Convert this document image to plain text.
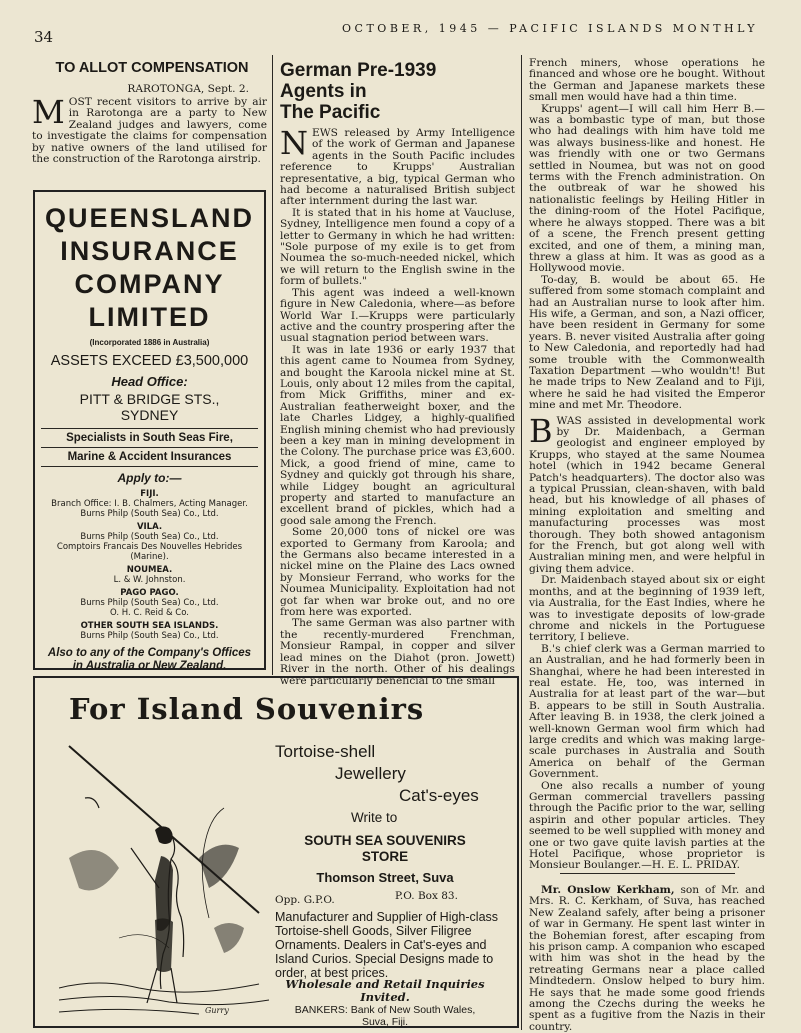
34	OCTOBER, 1945 — PACIFIC ISLANDS MONTHLY
TO ALLOT COMPENSATION
RAROTONGA, Sept. 2.
MOST recent visitors to arrive by air in Rarotonga are a party to New Zealand judges and lawyers, come to investigate the claims for compensation by native owners of the land utilised for the construction of the Rarotonga airstrip.
QUEENSLAND
INSURANCE
COMPANY
LIMITED
(Incorporated 1886 in Australia)
ASSETS EXCEED £3,500,000
Head Office:
PITT & BRIDGE STS.,
SYDNEY
Specialists in South Seas Fire,
Marine & Accident Insurances
Apply to:—
FIJI.
Branch Office: I. B. Chalmers, Acting Manager.
Burns Philp (South Sea) Co., Ltd.
VILA.
Burns Philp (South Sea) Co., Ltd.
Comptoirs Francais Des Nouvelles Hebrides (Marine).
NOUMEA.
L. & W. Johnston.
PAGO PAGO.
Burns Philp (South Sea) Co., Ltd.
O. H. C. Reid & Co.
OTHER SOUTH SEA ISLANDS.
Burns Philp (South Sea) Co., Ltd.
Also to any of the Company's Offices in Australia or New Zealand.
German Pre-1939
Agents in
The Pacific

NEWS released by Army Intelligence of the work of German and Japanese agents in the South Pacific includes reference to Krupps' Australian representative, a big, typical German who had become a naturalised British subject after internment during the last war.

It is stated that in his home at Vaucluse, Sydney, Intelligence men found a copy of a letter to Germany in which he had written: "Sole purpose of my exile is to get from Noumea the so-much-needed nickel, which we will return to the English swine in the form of bullets."

This agent was indeed a well-known figure in New Caledonia, where—as before World War I.—Krupps were particularly active and the country prospering after the usual stagnation period between wars.

It was in late 1936 or early 1937 that this agent came to Noumea from Sydney, and bought the Karoola nickel mine at St. Louis, only about 12 miles from the capital, from Mick Griffiths, miner and ex-Australian featherweight boxer, and the late Charles Lidgey, a highly-qualified English mining chemist who had previously been a key man in mining development in the Colony. The purchase price was £3,600. Mick, a good friend of mine, came to Sydney and quickly got through his share, while Lidgey bought an agricultural property and started to manufacture an excellent brand of pickles, which had a good sale among the French.

Some 20,000 tons of nickel ore was exported to Germany from Karoola; and the Germans also became interested in a nickel mine on the Plaine des Lacs owned by Monsieur Ferrand, who works for the Noumea Municipality. Exploitation had not got far when war broke out, and no ore from here was exported.

The same German was also partner with the recently-murdered Frenchman, Monsieur Rampal, in copper and silver lead mines on the Diahot (pron. Jowett) River in the north. Other of his dealings were particularly beneficial to the small

French miners, whose operations he financed and whose ore he bought. Without the German and Japanese markets these small men would have had a thin time.

Krupps' agent—I will call him Herr B.—was a bombastic type of man, but those who had dealings with him have told me was always business-like and honest. He was friendly with one or two Germans settled in Noumea, but was not on good terms with the French administration. On the outbreak of war he showed his nationalistic feelings by Heiling Hitler in the dining-room of the Hotel Pacifique, where he always stopped. There was a bit of a scene, the French present getting excited, and one of them, a mining man, threw a glass at him. It was as good as a Hollywood movie.

To-day, B. would be about 65. He suffered from some stomach complaint and had an Australian nurse to look after him. His wife, a German, and son, a Nazi officer, have been resident in Germany for some years. B. never visited Australia after going to New Caledonia, and reportedly had had some trouble with the Commonwealth Taxation Department —who wouldn't! But he made trips to New Zealand and to Fiji, where he said he had visited the Emperor mine and met Mr. Theodore.

BWAS assisted in developmental work by Dr. Maidenbach, a German geologist and engineer employed by Krupps, who stayed at the same Noumea hotel (which in 1942 became General Patch's headquarters). The doctor also was a typical Prussian, clean-shaven, with bald head, but his knowledge of all phases of mining exploitation and smelting and manufacturing processes was most thorough. They both showed antagonism for the French, but got along well with Australian mining men, and were helpful in giving them advice.

Dr. Maidenbach stayed about six or eight months, and at the beginning of 1939 left, via Australia, for the East Indies, where he was to investigate deposits of low-grade chrome and nickels in the Portuguese territory, I believe.

B.'s chief clerk was a German married to an Australian, and he had formerly been in Shanghai, where he had been interested in real estate. He, too, was interned in Australia for at least part of the war—but B. appears to be still in South Australia. After leaving B. in 1938, the clerk joined a well-known German wool firm which had large credits and which was making large-scale purchases in Australia and South America on behalf of the German Government.

One also recalls a number of young German commercial travellers passing through the Pacific prior to the war, selling aspirin and other popular articles. They seemed to be well supplied with money and one or two gave quite lavish parties at the Hotel Pacifique, whose proprietor is Monsieur Boulanger.—H. E. L. PRIDAY.

Mr. Onslow Kerkham, son of Mr. and Mrs. R. C. Kerkham, of Suva, has reached New Zealand safely, after being a prisoner of war in Germany. He spent last winter in the Bohemian forest, after escaping from his prison camp. A companion who escaped with him was shot in the head by the retreating Germans near a place called Mindtedern. Onslow helped to bury him. He says that he made some good friends among the Czechs during the weeks he spent as a fugitive from the Nazis in their country.

For Island Souvenirs
Gurry
Tortoise-shell
Jewellery
Cat's-eyes
Write to
SOUTH SEA SOUVENIRS
STORE
Thomson Street, Suva
Opp. G.P.O.	P.O. Box 83.
Manufacturer and Supplier of High-class Tortoise-shell Goods, Silver Filigree Ornaments. Dealers in Cat's-eyes and Island Curios. Special Designs made to order, at best prices.
Wholesale and Retail Inquiries Invited.
BANKERS: Bank of New South Wales,
Suva, Fiji.
